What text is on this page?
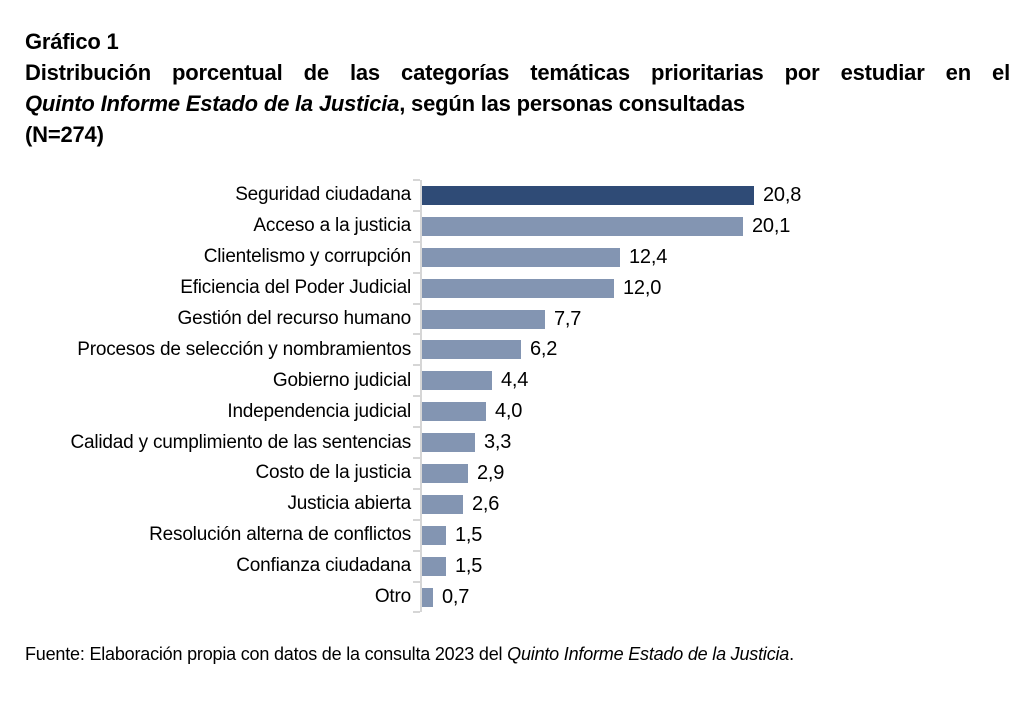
Gráfico 1
Distribución porcentual de las categorías temáticas prioritarias por estudiar en el
Quinto Informe Estado de la Justicia, según las personas consultadas
(N=274)
Seguridad ciudadana	20,8
Acceso a la justicia	20,1
Clientelismo y corrupción	12,4
Eficiencia del Poder Judicial	12,0
Gestión del recurso humano	7,7
Procesos de selección y nombramientos	6,2
Gobierno judicial	4,4
Independencia judicial	4,0
Calidad y cumplimiento de las sentencias	3,3
Costo de la justicia	2,9
Justicia abierta	2,6
Resolución alterna de conflictos	1,5
Confianza ciudadana	1,5
Otro	0,7
Fuente: Elaboración propia con datos de la consulta 2023 del Quinto Informe Estado de la Justicia.
